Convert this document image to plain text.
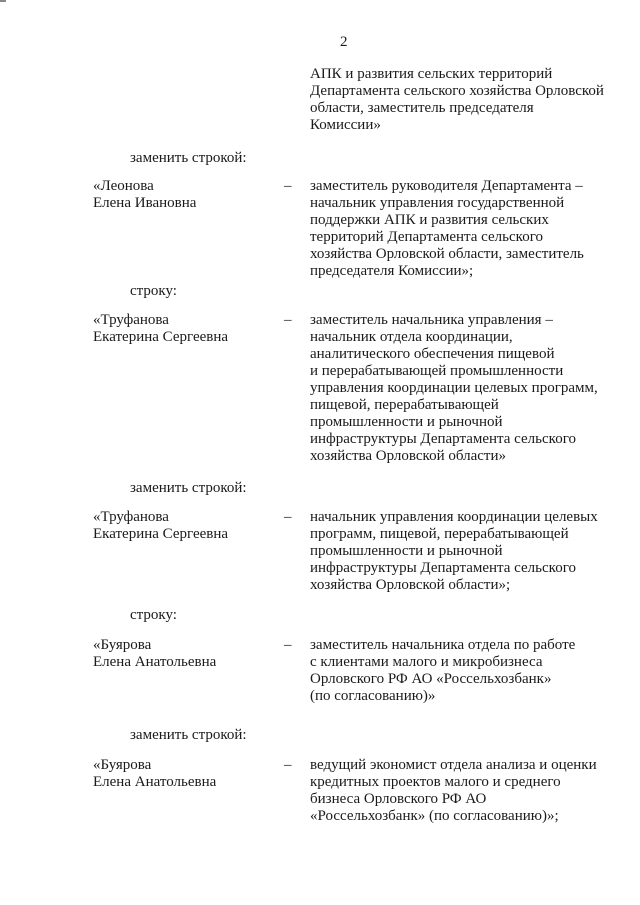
2
АПК и развития сельских территорий
Департамента сельского хозяйства Орловской
области, заместитель председателя
Комиссии»
заменить строкой:
«Леонова
Елена Ивановна
– заместитель руководителя Департамента –
начальник управления государственной
поддержки АПК и развития сельских
территорий Департамента сельского
хозяйства Орловской области, заместитель
председателя Комиссии»;
строку:
«Труфанова
Екатерина Сергеевна
– заместитель начальника управления –
начальник отдела координации,
аналитического обеспечения пищевой
и перерабатывающей промышленности
управления координации целевых программ,
пищевой, перерабатывающей
промышленности и рыночной
инфраструктуры Департамента сельского
хозяйства Орловской области»
заменить строкой:
«Труфанова
Екатерина Сергеевна
– начальник управления координации целевых
программ, пищевой, перерабатывающей
промышленности и рыночной
инфраструктуры Департамента сельского
хозяйства Орловской области»;
строку:
«Буярова
Елена Анатольевна
– заместитель начальника отдела по работе
с клиентами малого и микробизнеса
Орловского РФ АО «Россельхозбанк»
(по согласованию)»
заменить строкой:
«Буярова
Елена Анатольевна
– ведущий экономист отдела анализа и оценки
кредитных проектов малого и среднего
бизнеса Орловского РФ АО
«Россельхозбанк» (по согласованию)»;
